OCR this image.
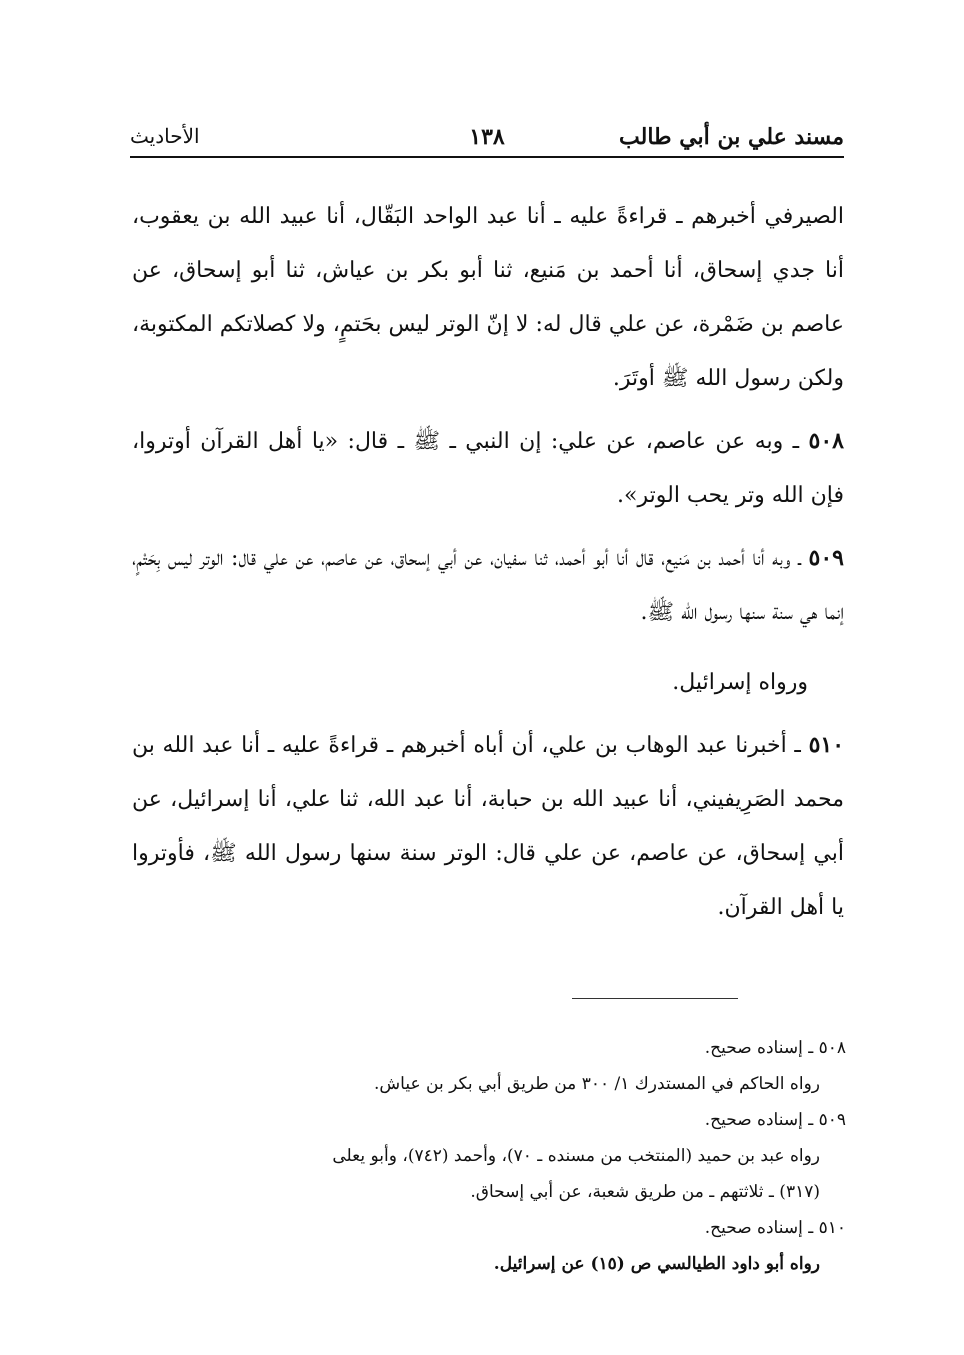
مسند علي بن أبي طالب
١٣٨
الأحاديث

الصيرفي أخبرهم ـ قراءةً عليه ـ أنا عبد الواحد البَقّال، أنا عبيد الله بن يعقوب، أنا جدي إسحاق، أنا أحمد بن مَنيع، ثنا أبو بكر بن عياش، ثنا أبو إسحاق، عن عاصم بن ضَمْرة، عن علي قال له: لا إنّ الوتر ليس بحَتمٍ، ولا كصلاتكم المكتوبة، ولكن رسول الله ﷺ أوتَرَ.

٥٠٨ ـ وبه عن عاصم، عن علي: إن النبي ـ ﷺ ـ قال: «يا أهل القرآن أوتروا، فإن الله وتر يحب الوتر».

٥٠٩ ـ وبه أنا أحمد بن مَنيع، قال أنا أبو أحمد، ثنا سفيان، عن أبي إسحاق، عن عاصم، عن علي قال: الوتر ليس بِحَتْمٍ، إنما هي سنة سنها رسول الله ﷺ.

ورواه إسرائيل.

٥١٠ ـ أخبرنا عبد الوهاب بن علي، أن أباه أخبرهم ـ قراءةً عليه ـ أنا عبد الله بن محمد الصَرِيفيني، أنا عبيد الله بن حبابة، أنا عبد الله، ثنا علي، أنا إسرائيل، عن أبي إسحاق، عن عاصم، عن علي قال: الوتر سنة سنها رسول الله ﷺ، فأوتروا يا أهل القرآن.

٥٠٨ ـ إسناده صحيح.
رواه الحاكم في المستدرك ١/ ٣٠٠ من طريق أبي بكر بن عياش.
٥٠٩ ـ إسناده صحيح.
رواه عبد بن حميد (المنتخب من مسنده ـ ٧٠)، وأحمد (٧٤٢)، وأبو يعلى
(٣١٧) ـ ثلاثتهم ـ من طريق شعبة، عن أبي إسحاق.
٥١٠ ـ إسناده صحيح.
رواه أبو داود الطيالسي ص (١٥) عن إسرائيل.
